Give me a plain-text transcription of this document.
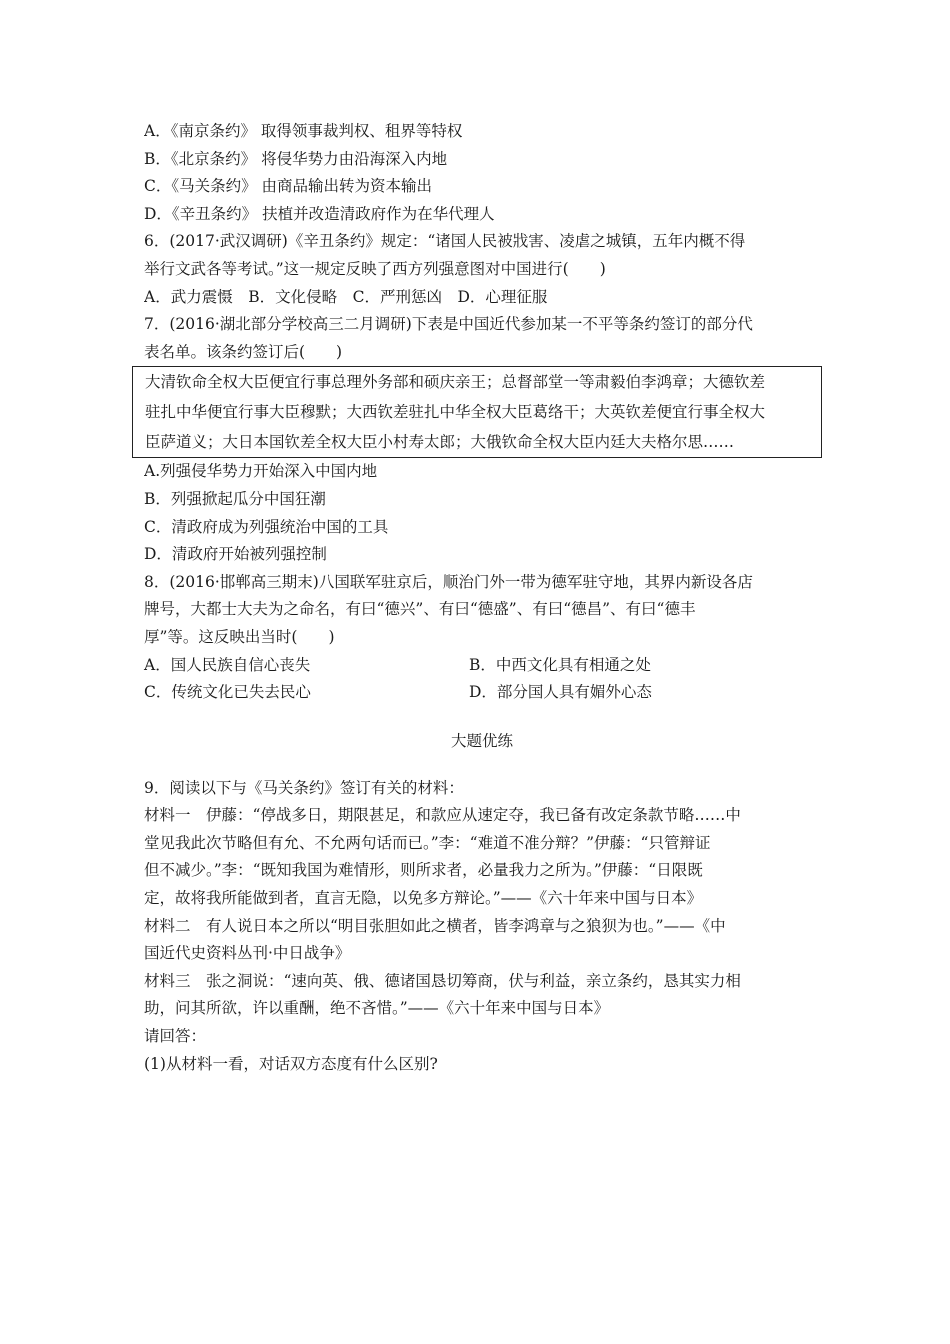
A．《南京条约》 取得领事裁判权、租界等特权
B．《北京条约》 将侵华势力由沿海深入内地
C．《马关条约》 由商品输出转为资本输出
D．《辛丑条约》 扶植并改造清政府作为在华代理人
6．(2017·武汉调研)《辛丑条约》规定：“诸国人民被戕害、凌虐之城镇，五年内概不得
举行文武各等考试。”这一规定反映了西方列强意图对中国进行(　　)
A．武力震慑　B．文化侵略　C．严刑惩凶　D．心理征服
7．(2016·湖北部分学校高三二月调研)下表是中国近代参加某一不平等条约签订的部分代
表名单。该条约签订后(　　)
大清钦命全权大臣便宜行事总理外务部和硕庆亲王；总督部堂一等肃毅伯李鸿章；大德钦差
驻扎中华便宜行事大臣穆默；大西钦差驻扎中华全权大臣葛络干；大英钦差便宜行事全权大
臣萨道义；大日本国钦差全权大臣小村寿太郎；大俄钦命全权大臣内廷大夫格尔思……
A.列强侵华势力开始深入中国内地
B．列强掀起瓜分中国狂潮
C．清政府成为列强统治中国的工具
D．清政府开始被列强控制
8．(2016·邯郸高三期末)八国联军驻京后，顺治门外一带为德军驻守地，其界内新设各店
牌号，大都士大夫为之命名，有曰“德兴”、有曰“德盛”、有曰“德昌”、有曰“德丰
厚”等。这反映出当时(　　)
A．国人民族自信心丧失	B．中西文化具有相通之处
C．传统文化已失去民心	D．部分国人具有媚外心态
大题优练
9．阅读以下与《马关条约》签订有关的材料：
材料一　伊藤：“停战多日，期限甚足，和款应从速定夺，我已备有改定条款节略……中
堂见我此次节略但有允、不允两句话而已。”李：“难道不准分辩？”伊藤：“只管辩证
但不减少。”李：“既知我国为难情形，则所求者，必量我力之所为。”伊藤：“日限既
定，故将我所能做到者，直言无隐，以免多方辩论。”——《六十年来中国与日本》
材料二　有人说日本之所以“明目张胆如此之横者，皆李鸿章与之狼狈为也。”——《中
国近代史资料丛刊·中日战争》
材料三　张之洞说：“速向英、俄、德诸国恳切筹商，伏与利益，亲立条约，恳其实力相
助，问其所欲，许以重酬，绝不吝惜。”——《六十年来中国与日本》
请回答：
(1)从材料一看，对话双方态度有什么区别?
